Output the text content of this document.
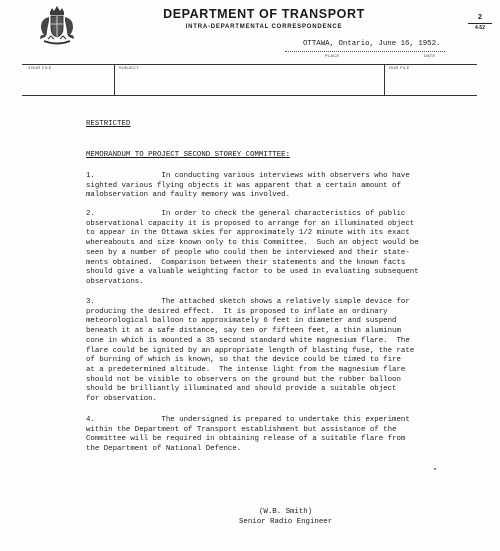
DEPARTMENT OF TRANSPORT
INTRA-DEPARTMENTAL CORRESPONDENCE
2
4-52
OTTAWA, Ontario, June 16, 1952.
PLACE	DATE
YOUR FILE	SUBJECT	OUR FILE
RESTRICTED
MEMORANDUM TO PROJECT SECOND STOREY COMMITTEE:
1.	In conducting various interviews with observers who have
sighted various flying objects it was apparent that a certain amount of
malobservation and faulty memory was involved.
2.	In order to check the general characteristics of public
observational capacity it is proposed to arrange for an illuminated object
to appear in the Ottawa skies for approximately 1/2 minute with its exact
whereabouts and size known only to this Committee.  Such an object would be
seen by a number of people who could then be interviewed and their state-
ments obtained.  Comparison between their statements and the known facts
should give a valuable weighting factor to be used in evaluating subsequent
observations.
3.	The attached sketch shows a relatively simple device for
producing the desired effect.  It is proposed to inflate an ordinary
meteorological balloon to approximately 6 feet in diameter and suspend
beneath it at a safe distance, say ten or fifteen feet, a thin aluminum
cone in which is mounted a 35 second standard white magnesium flare.  The
flare could be ignited by an appropriate length of blasting fuse, the rate
of burning of which is known, so that the device could be timed to fire
at a predetermined altitude.  The intense light from the magnesium flare
should not be visible to observers on the ground but the rubber balloon
should be brilliantly illuminated and should provide a suitable object
for observation.
4.	The undersigned is prepared to undertake this experiment
within the Department of Transport establishment but assistance of the
Committee will be required in obtaining release of a suitable flare from
the Department of National Defence.
(W.B. Smith)
Senior Radio Engineer
